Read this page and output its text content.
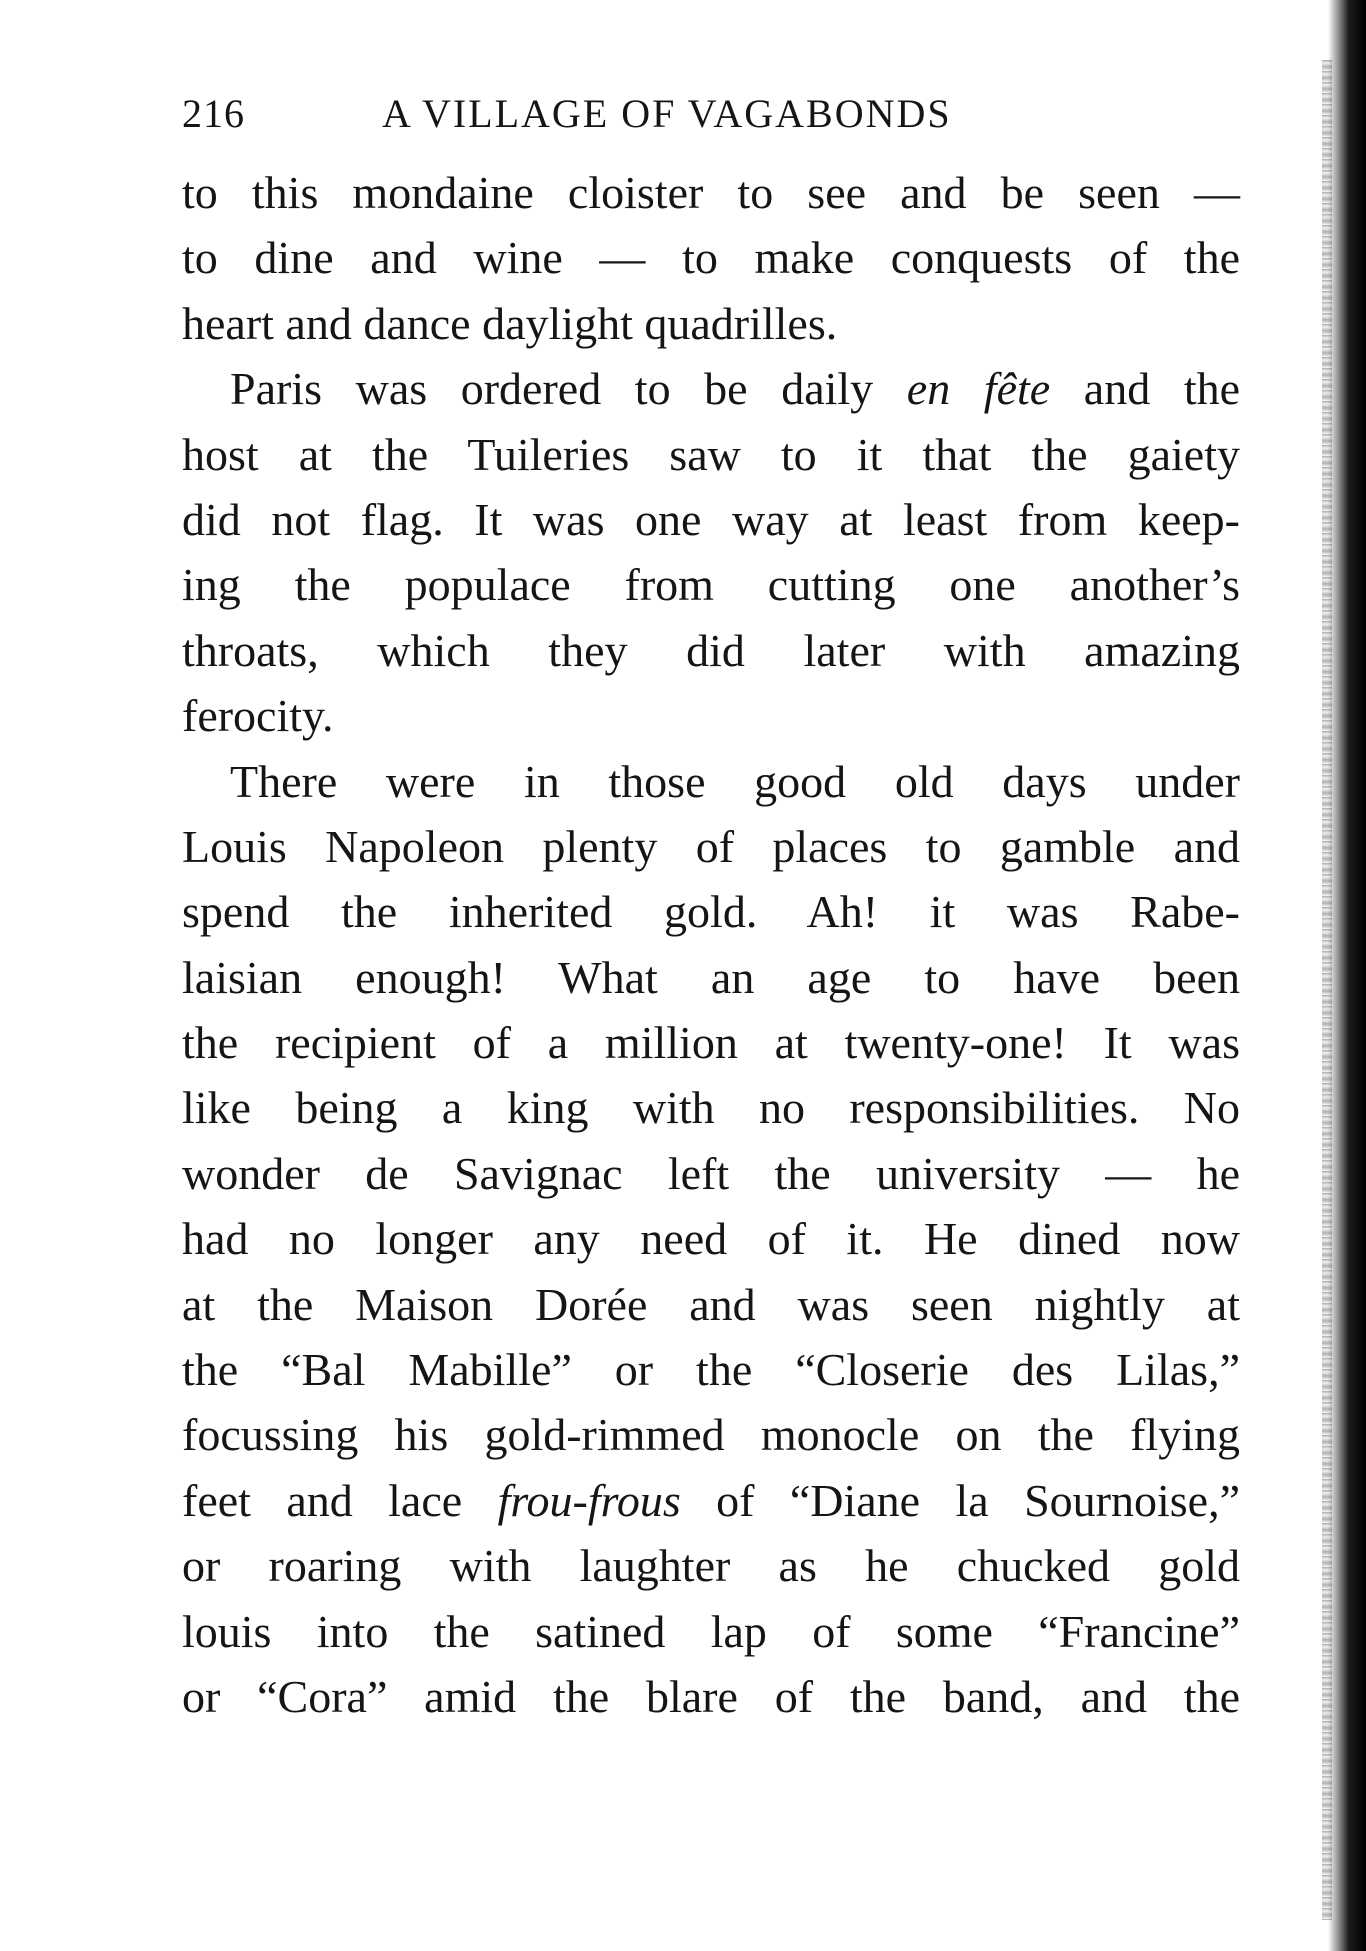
216	A VILLAGE OF VAGABONDS

to this mondaine cloister to see and be seen —
to dine and wine — to make conquests of the
heart and dance daylight quadrilles.

Paris was ordered to be daily en fête and the
host at the Tuileries saw to it that the gaiety
did not flag. It was one way at least from keep-
ing the populace from cutting one another’s
throats, which they did later with amazing
ferocity.

There were in those good old days under
Louis Napoleon plenty of places to gamble and
spend the inherited gold. Ah! it was Rabe-
laisian enough! What an age to have been
the recipient of a million at twenty-one! It was
like being a king with no responsibilities. No
wonder de Savignac left the university — he
had no longer any need of it. He dined now
at the Maison Dorée and was seen nightly at
the “Bal Mabille” or the “Closerie des Lilas,”
focussing his gold-rimmed monocle on the flying
feet and lace frou-frous of “Diane la Sournoise,”
or roaring with laughter as he chucked gold
louis into the satined lap of some “Francine”
or “Cora” amid the blare of the band, and the
